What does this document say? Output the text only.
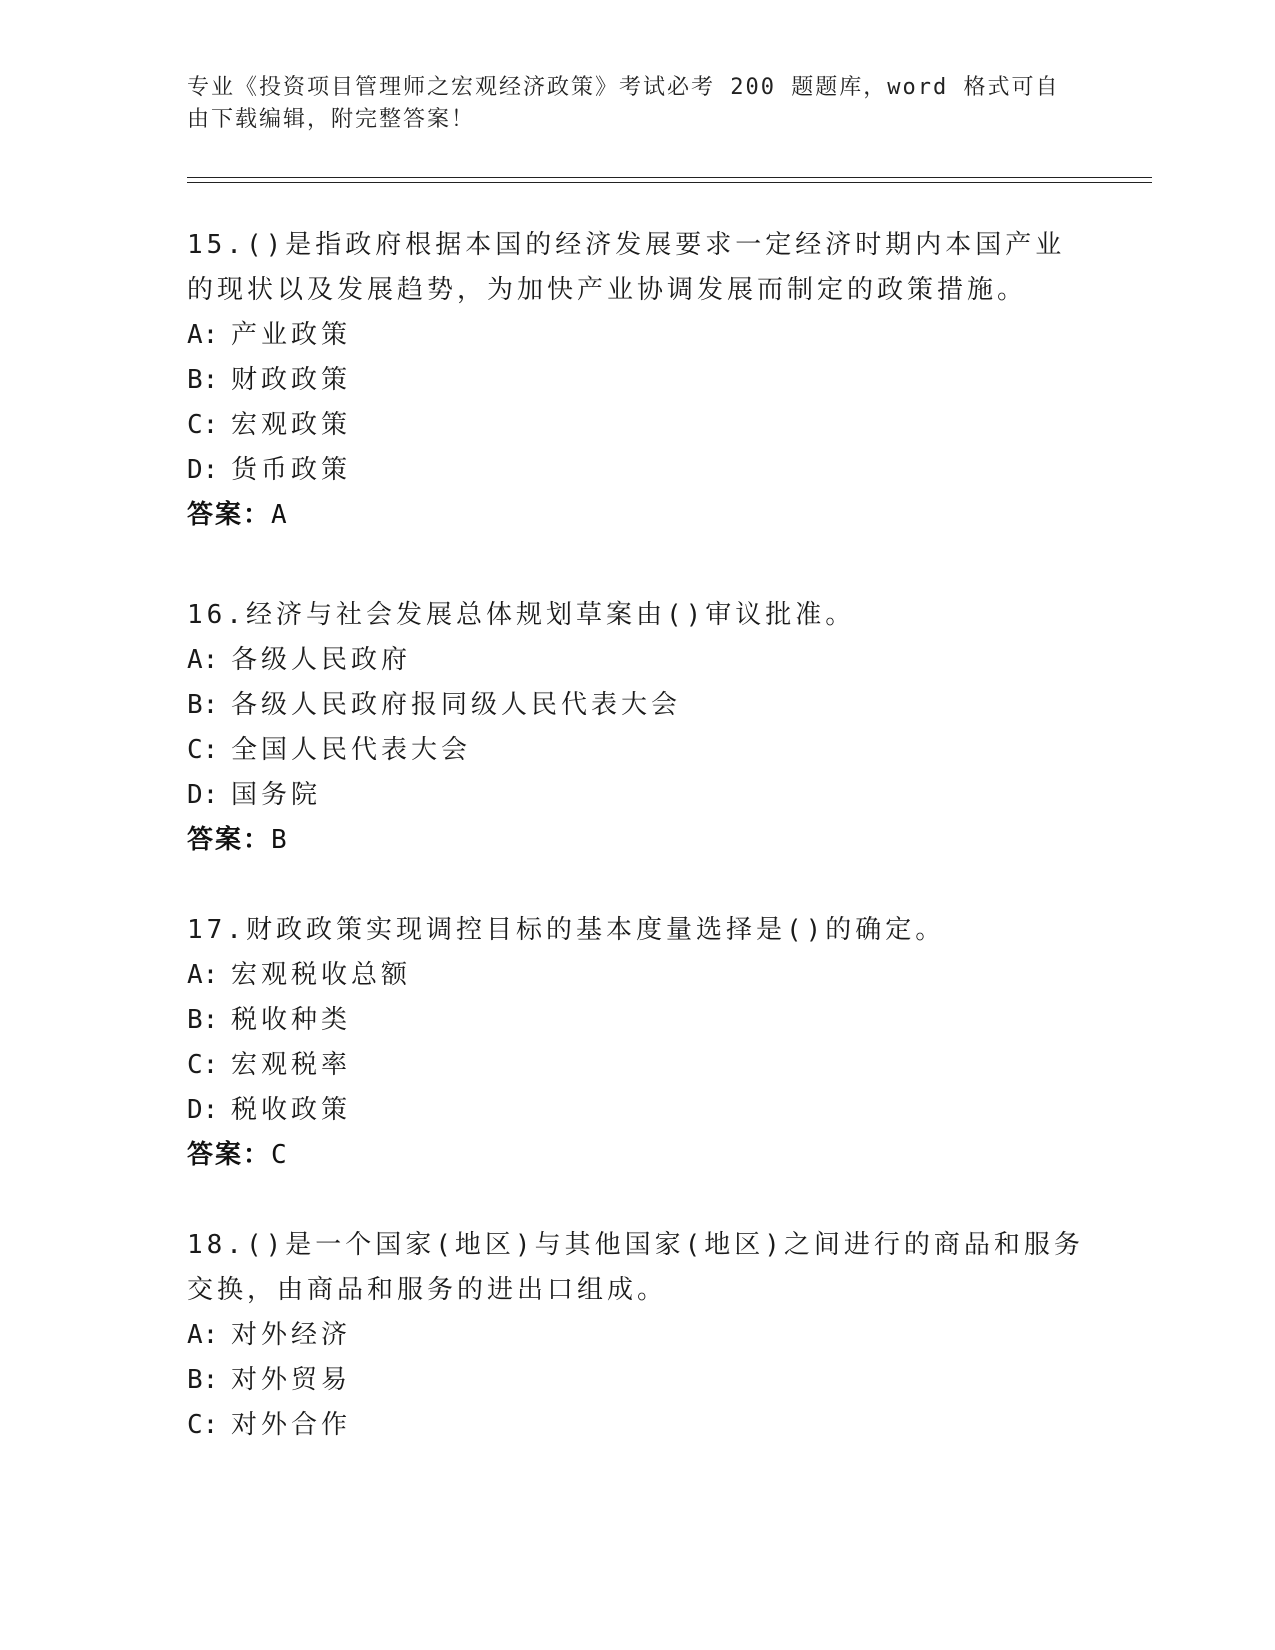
专业《投资项目管理师之宏观经济政策》考试必考 200 题题库，word 格式可自由下载编辑，附完整答案！
15.()是指政府根据本国的经济发展要求一定经济时期内本国产业的现状以及发展趋势，为加快产业协调发展而制定的政策措施。
A: 产业政策
B: 财政政策
C: 宏观政策
D: 货币政策
答案：A
16.经济与社会发展总体规划草案由()审议批准。
A: 各级人民政府
B: 各级人民政府报同级人民代表大会
C: 全国人民代表大会
D: 国务院
答案：B
17.财政政策实现调控目标的基本度量选择是()的确定。
A: 宏观税收总额
B: 税收种类
C: 宏观税率
D: 税收政策
答案：C
18.()是一个国家(地区)与其他国家(地区)之间进行的商品和服务交换，由商品和服务的进出口组成。
A: 对外经济
B: 对外贸易
C: 对外合作
